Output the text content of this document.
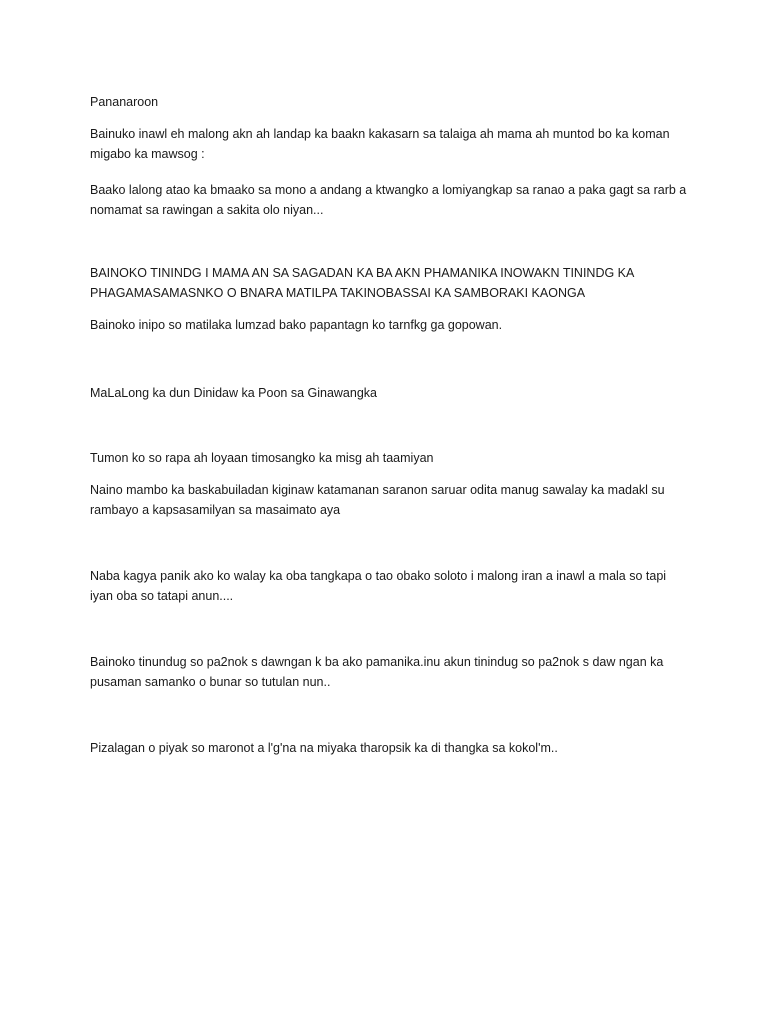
Pananaroon

Bainuko inawl eh malong akn ah landap ka baakn kakasarn sa talaiga ah mama ah muntod bo ka koman migabo ka mawsog :

Baako lalong atao ka bmaako sa mono a andang a ktwangko a lomiyangkap sa ranao a paka gagt sa rarb a nomamat sa rawingan a sakita olo niyan...

BAINOKO TININDG I MAMA AN SA SAGADAN KA BA AKN PHAMANIKA INOWAKN TININDG KA PHAGAMASAMASNKO O BNARA MATILPA TAKINOBASSAI KA SAMBORAKI KAONGA

Bainoko inipo so matilaka lumzad bako papantagn ko tarnfkg ga gopowan.

MaLaLong ka dun Dinidaw ka Poon sa Ginawangka

Tumon ko so rapa ah loyaan timosangko ka misg ah taamiyan

Naino mambo ka baskabuiladan kiginaw katamanan saranon saruar odita manug sawalay ka madakl su rambayo a kapsasamilyan sa masaimato aya

Naba kagya panik ako ko walay ka oba tangkapa o tao obako soloto i malong iran a inawl a mala so tapi iyan oba so tatapi anun....

Bainoko tinundug so pa2nok s dawngan k ba ako pamanika.inu akun tinindug so pa2nok s daw ngan ka pusaman samanko o bunar so tutulan nun..

Pizalagan o piyak so maronot a l'g'na na miyaka tharopsik ka di thangka sa kokol'm..
